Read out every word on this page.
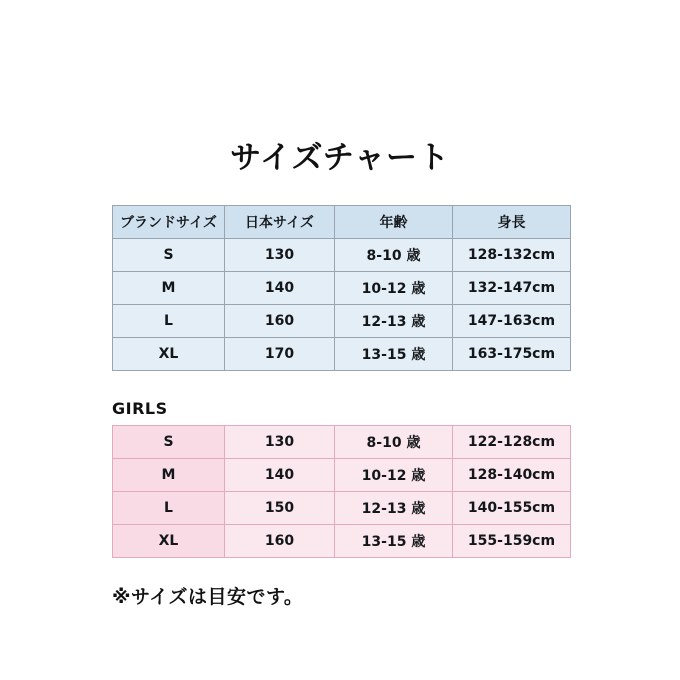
サイズチャート
ブランドサイズ	日本サイズ	年齢	身長
S	130	8-10 歳	128-132cm
M	140	10-12 歳	132-147cm
L	160	12-13 歳	147-163cm
XL	170	13-15 歳	163-175cm
GIRLS
S	130	8-10 歳	122-128cm
M	140	10-12 歳	128-140cm
L	150	12-13 歳	140-155cm
XL	160	13-15 歳	155-159cm
※サイズは目安です。
